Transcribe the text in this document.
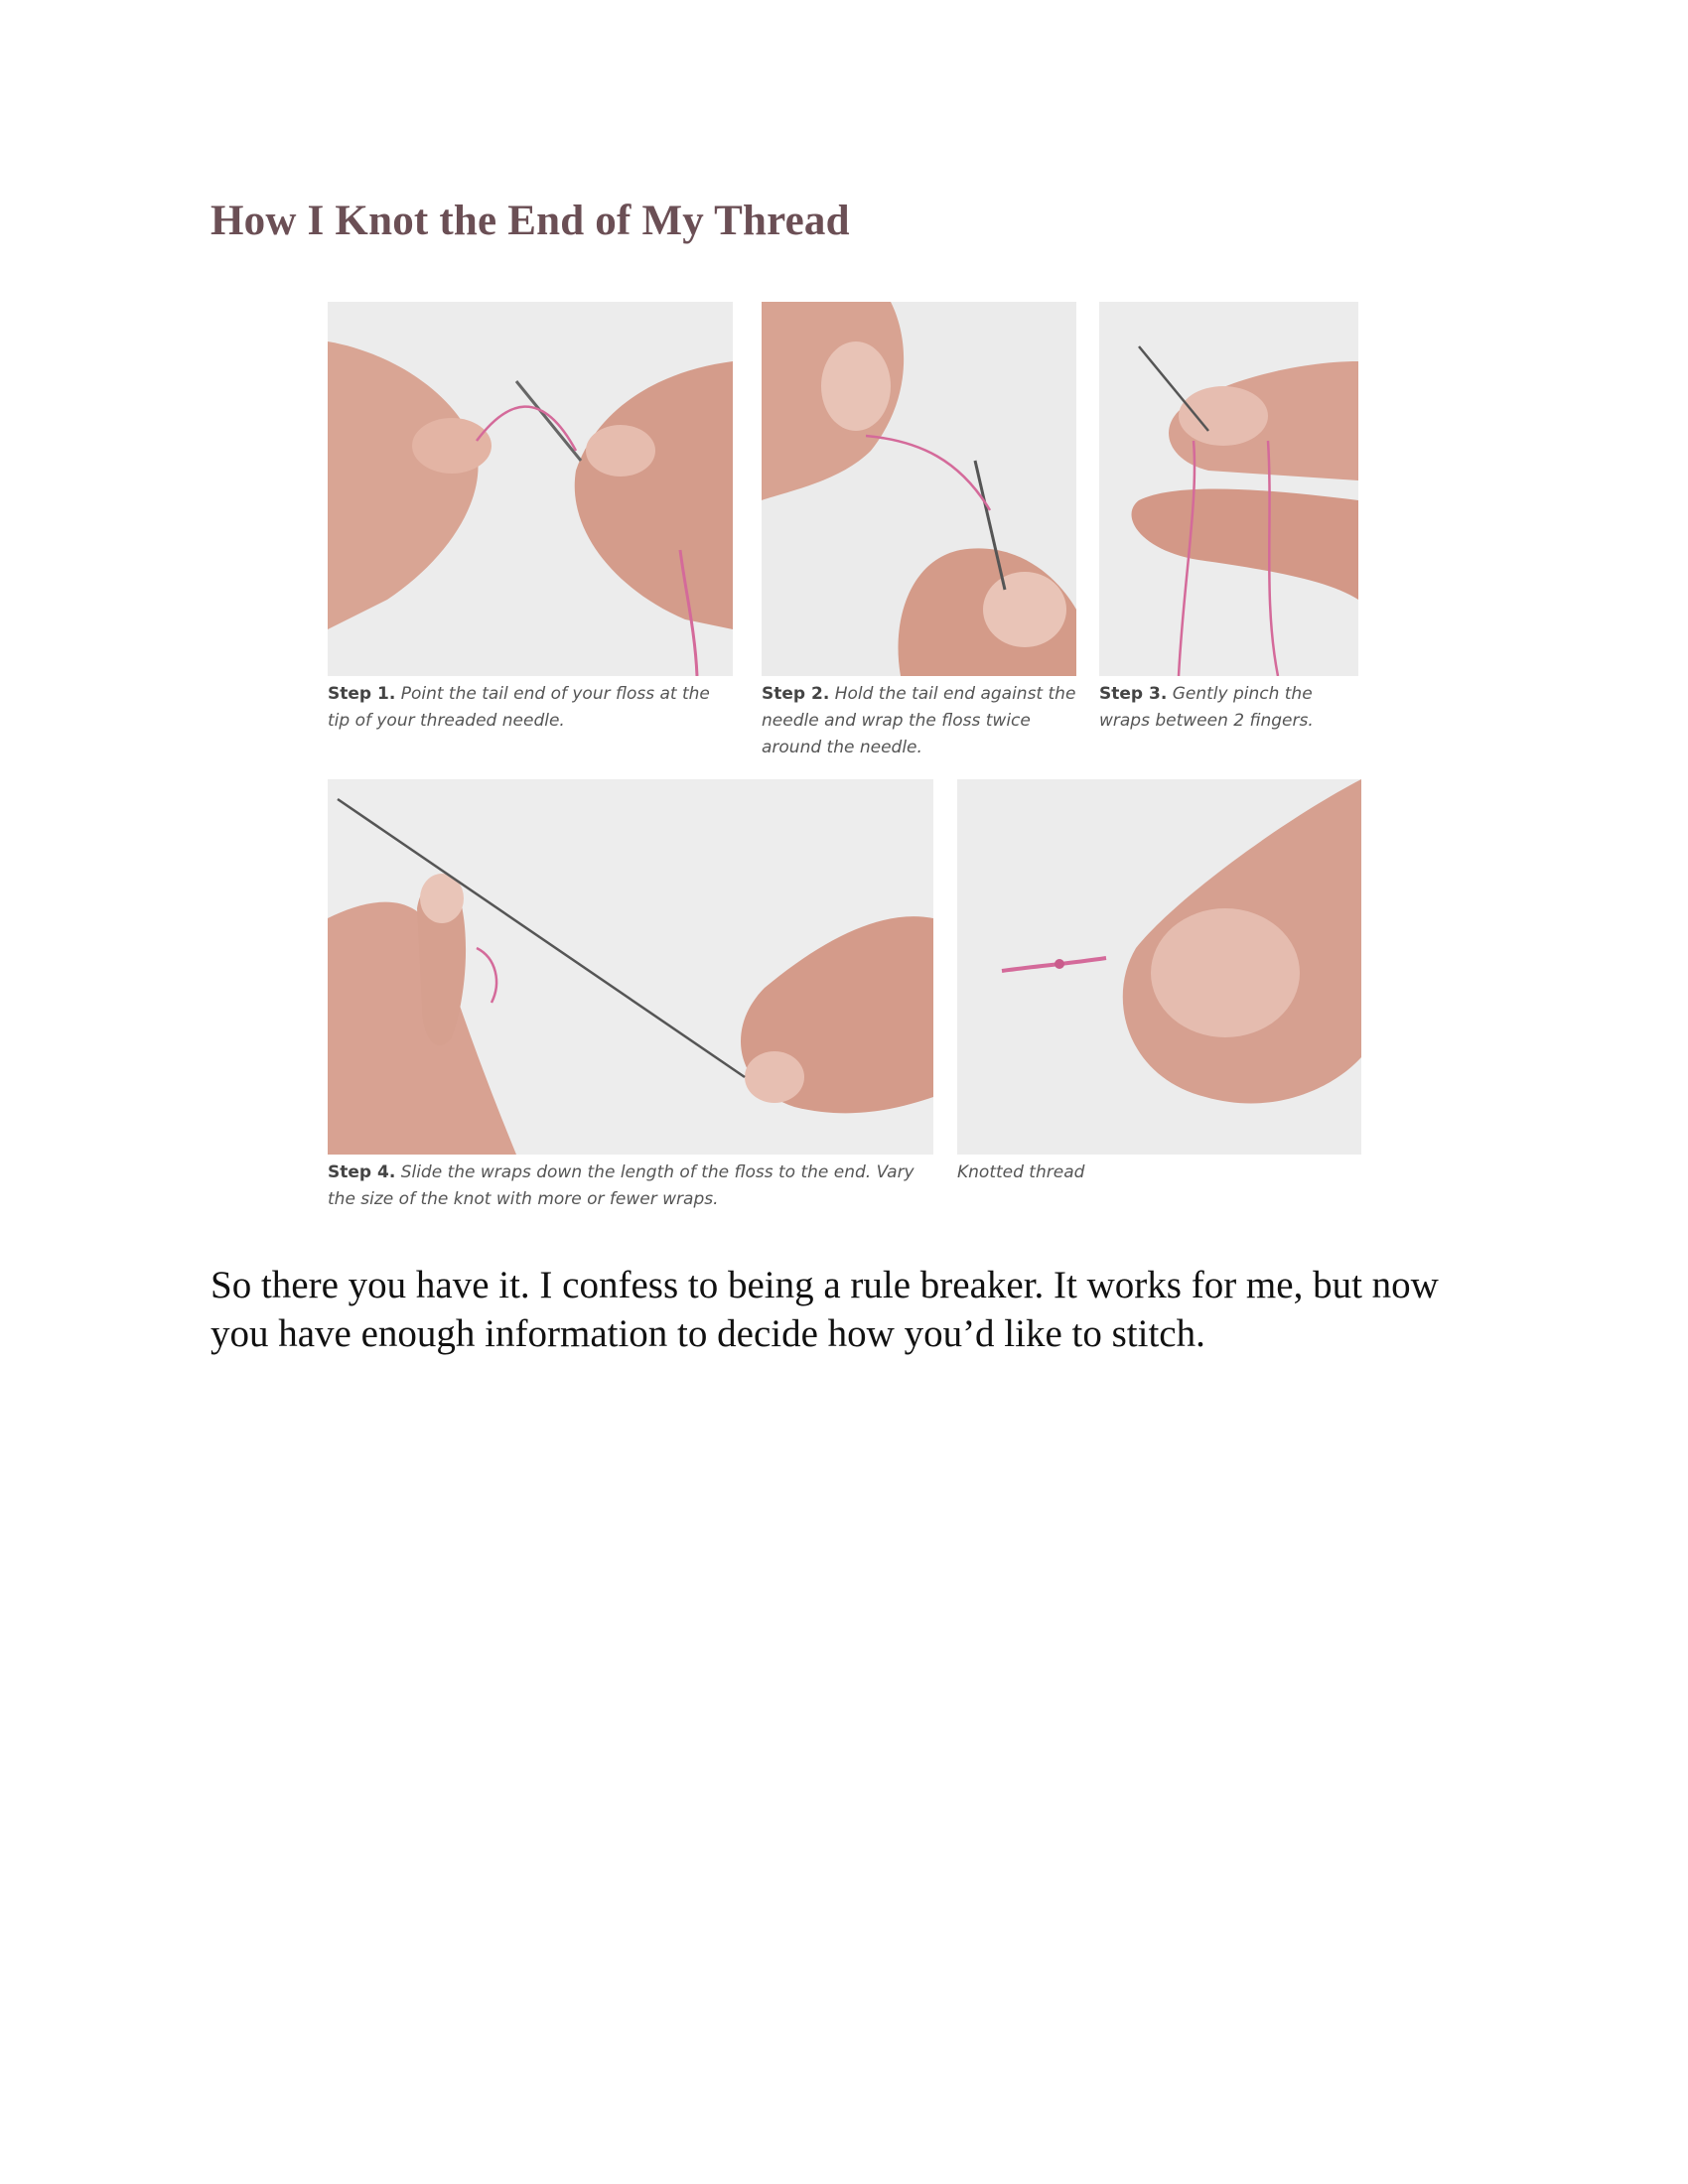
How I Knot the End of My Thread
Step 1. Point the tail end of your floss at the tip of your threaded needle.
Step 2. Hold the tail end against the needle and wrap the floss twice around the needle.
Step 3. Gently pinch the wraps between 2 fingers.
Step 4. Slide the wraps down the length of the floss to the end. Vary the size of the knot with more or fewer wraps.
Knotted thread

So there you have it. I confess to being a rule breaker. It works for me, but now you have enough information to decide how you’d like to stitch.
